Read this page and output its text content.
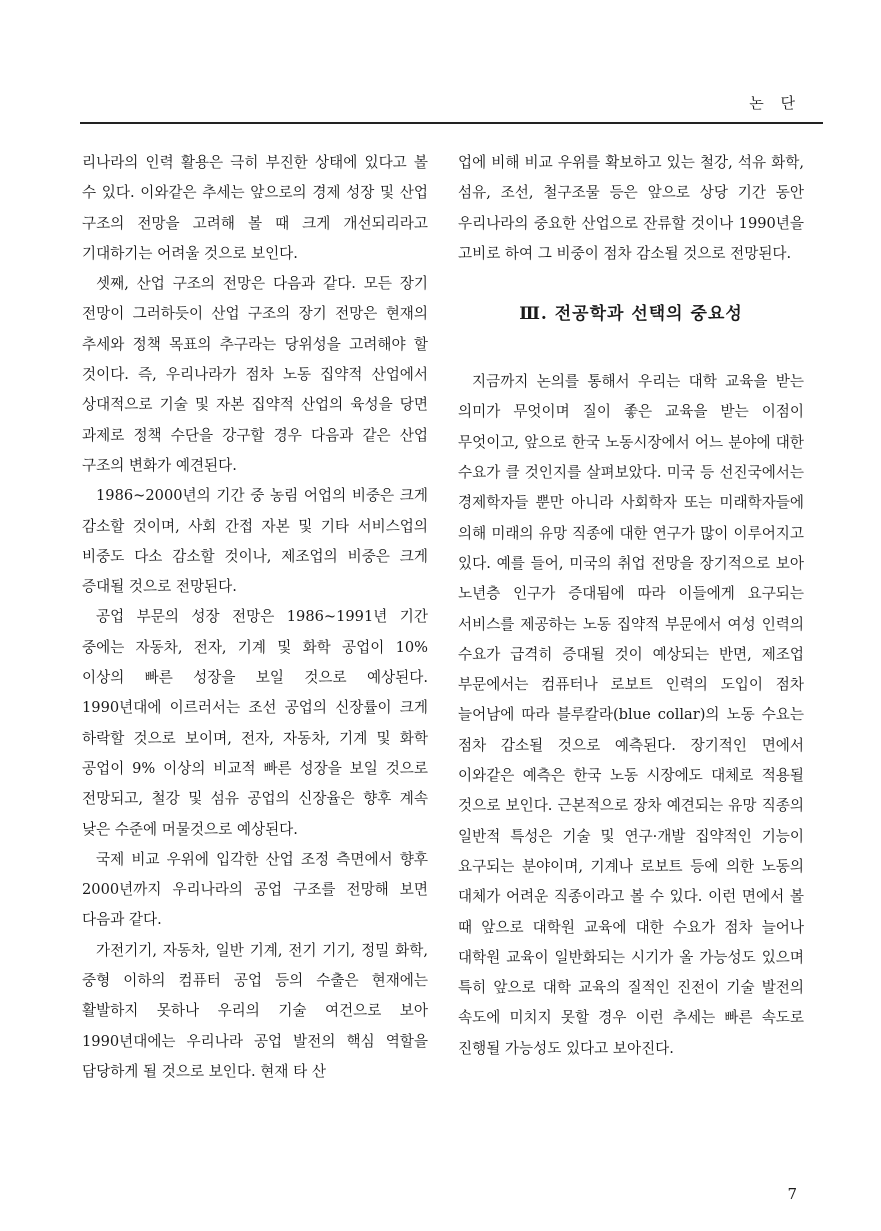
논 단

리나라의 인력 활용은 극히 부진한 상태에 있다고 볼 수 있다. 이와같은 추세는 앞으로의 경제 성장 및 산업 구조의 전망을 고려해 볼 때 크게 개선되리라고 기대하기는 어려울 것으로 보인다.

셋째, 산업 구조의 전망은 다음과 같다. 모든 장기 전망이 그러하듯이 산업 구조의 장기 전망은 현재의 추세와 정책 목표의 추구라는 당위성을 고려해야 할 것이다. 즉, 우리나라가 점차 노동 집약적 산업에서 상대적으로 기술 및 자본 집약적 산업의 육성을 당면 과제로 정책 수단을 강구할 경우 다음과 같은 산업 구조의 변화가 예견된다.

1986~2000년의 기간 중 농림 어업의 비중은 크게 감소할 것이며, 사회 간접 자본 및 기타 서비스업의 비중도 다소 감소할 것이나, 제조업의 비중은 크게 증대될 것으로 전망된다.

공업 부문의 성장 전망은 1986~1991년 기간 중에는 자동차, 전자, 기계 및 화학 공업이 10% 이상의 빠른 성장을 보일 것으로 예상된다. 1990년대에 이르러서는 조선 공업의 신장률이 크게 하락할 것으로 보이며, 전자, 자동차, 기계 및 화학 공업이 9% 이상의 비교적 빠른 성장을 보일 것으로 전망되고, 철강 및 섬유 공업의 신장율은 향후 계속 낮은 수준에 머물것으로 예상된다.

국제 비교 우위에 입각한 산업 조정 측면에서 향후 2000년까지 우리나라의 공업 구조를 전망해 보면 다음과 같다.

가전기기, 자동차, 일반 기계, 전기 기기, 정밀 화학, 중형 이하의 컴퓨터 공업 등의 수출은 현재에는 활발하지 못하나 우리의 기술 여건으로 보아 1990년대에는 우리나라 공업 발전의 핵심 역할을 담당하게 될 것으로 보인다. 현재 타 산

업에 비해 비교 우위를 확보하고 있는 철강, 석유 화학, 섬유, 조선, 철구조물 등은 앞으로 상당 기간 동안 우리나라의 중요한 산업으로 잔류할 것이나 1990년을 고비로 하여 그 비중이 점차 감소될 것으로 전망된다.

Ⅲ. 전공학과 선택의 중요성

지금까지 논의를 통해서 우리는 대학 교육을 받는 의미가 무엇이며 질이 좋은 교육을 받는 이점이 무엇이고, 앞으로 한국 노동시장에서 어느 분야에 대한 수요가 클 것인지를 살펴보았다. 미국 등 선진국에서는 경제학자들 뿐만 아니라 사회학자 또는 미래학자들에 의해 미래의 유망 직종에 대한 연구가 많이 이루어지고 있다. 예를 들어, 미국의 취업 전망을 장기적으로 보아 노년층 인구가 증대됨에 따라 이들에게 요구되는 서비스를 제공하는 노동 집약적 부문에서 여성 인력의 수요가 급격히 증대될 것이 예상되는 반면, 제조업 부문에서는 컴퓨터나 로보트 인력의 도입이 점차 늘어남에 따라 블루칼라(blue collar)의 노동 수요는 점차 감소될 것으로 예측된다. 장기적인 면에서 이와같은 예측은 한국 노동 시장에도 대체로 적용될 것으로 보인다. 근본적으로 장차 예견되는 유망 직종의 일반적 특성은 기술 및 연구·개발 집약적인 기능이 요구되는 분야이며, 기계나 로보트 등에 의한 노동의 대체가 어려운 직종이라고 볼 수 있다. 이런 면에서 볼 때 앞으로 대학원 교육에 대한 수요가 점차 늘어나 대학원 교육이 일반화되는 시기가 올 가능성도 있으며 특히 앞으로 대학 교육의 질적인 진전이 기술 발전의 속도에 미치지 못할 경우 이런 추세는 빠른 속도로 진행될 가능성도 있다고 보아진다.

7
